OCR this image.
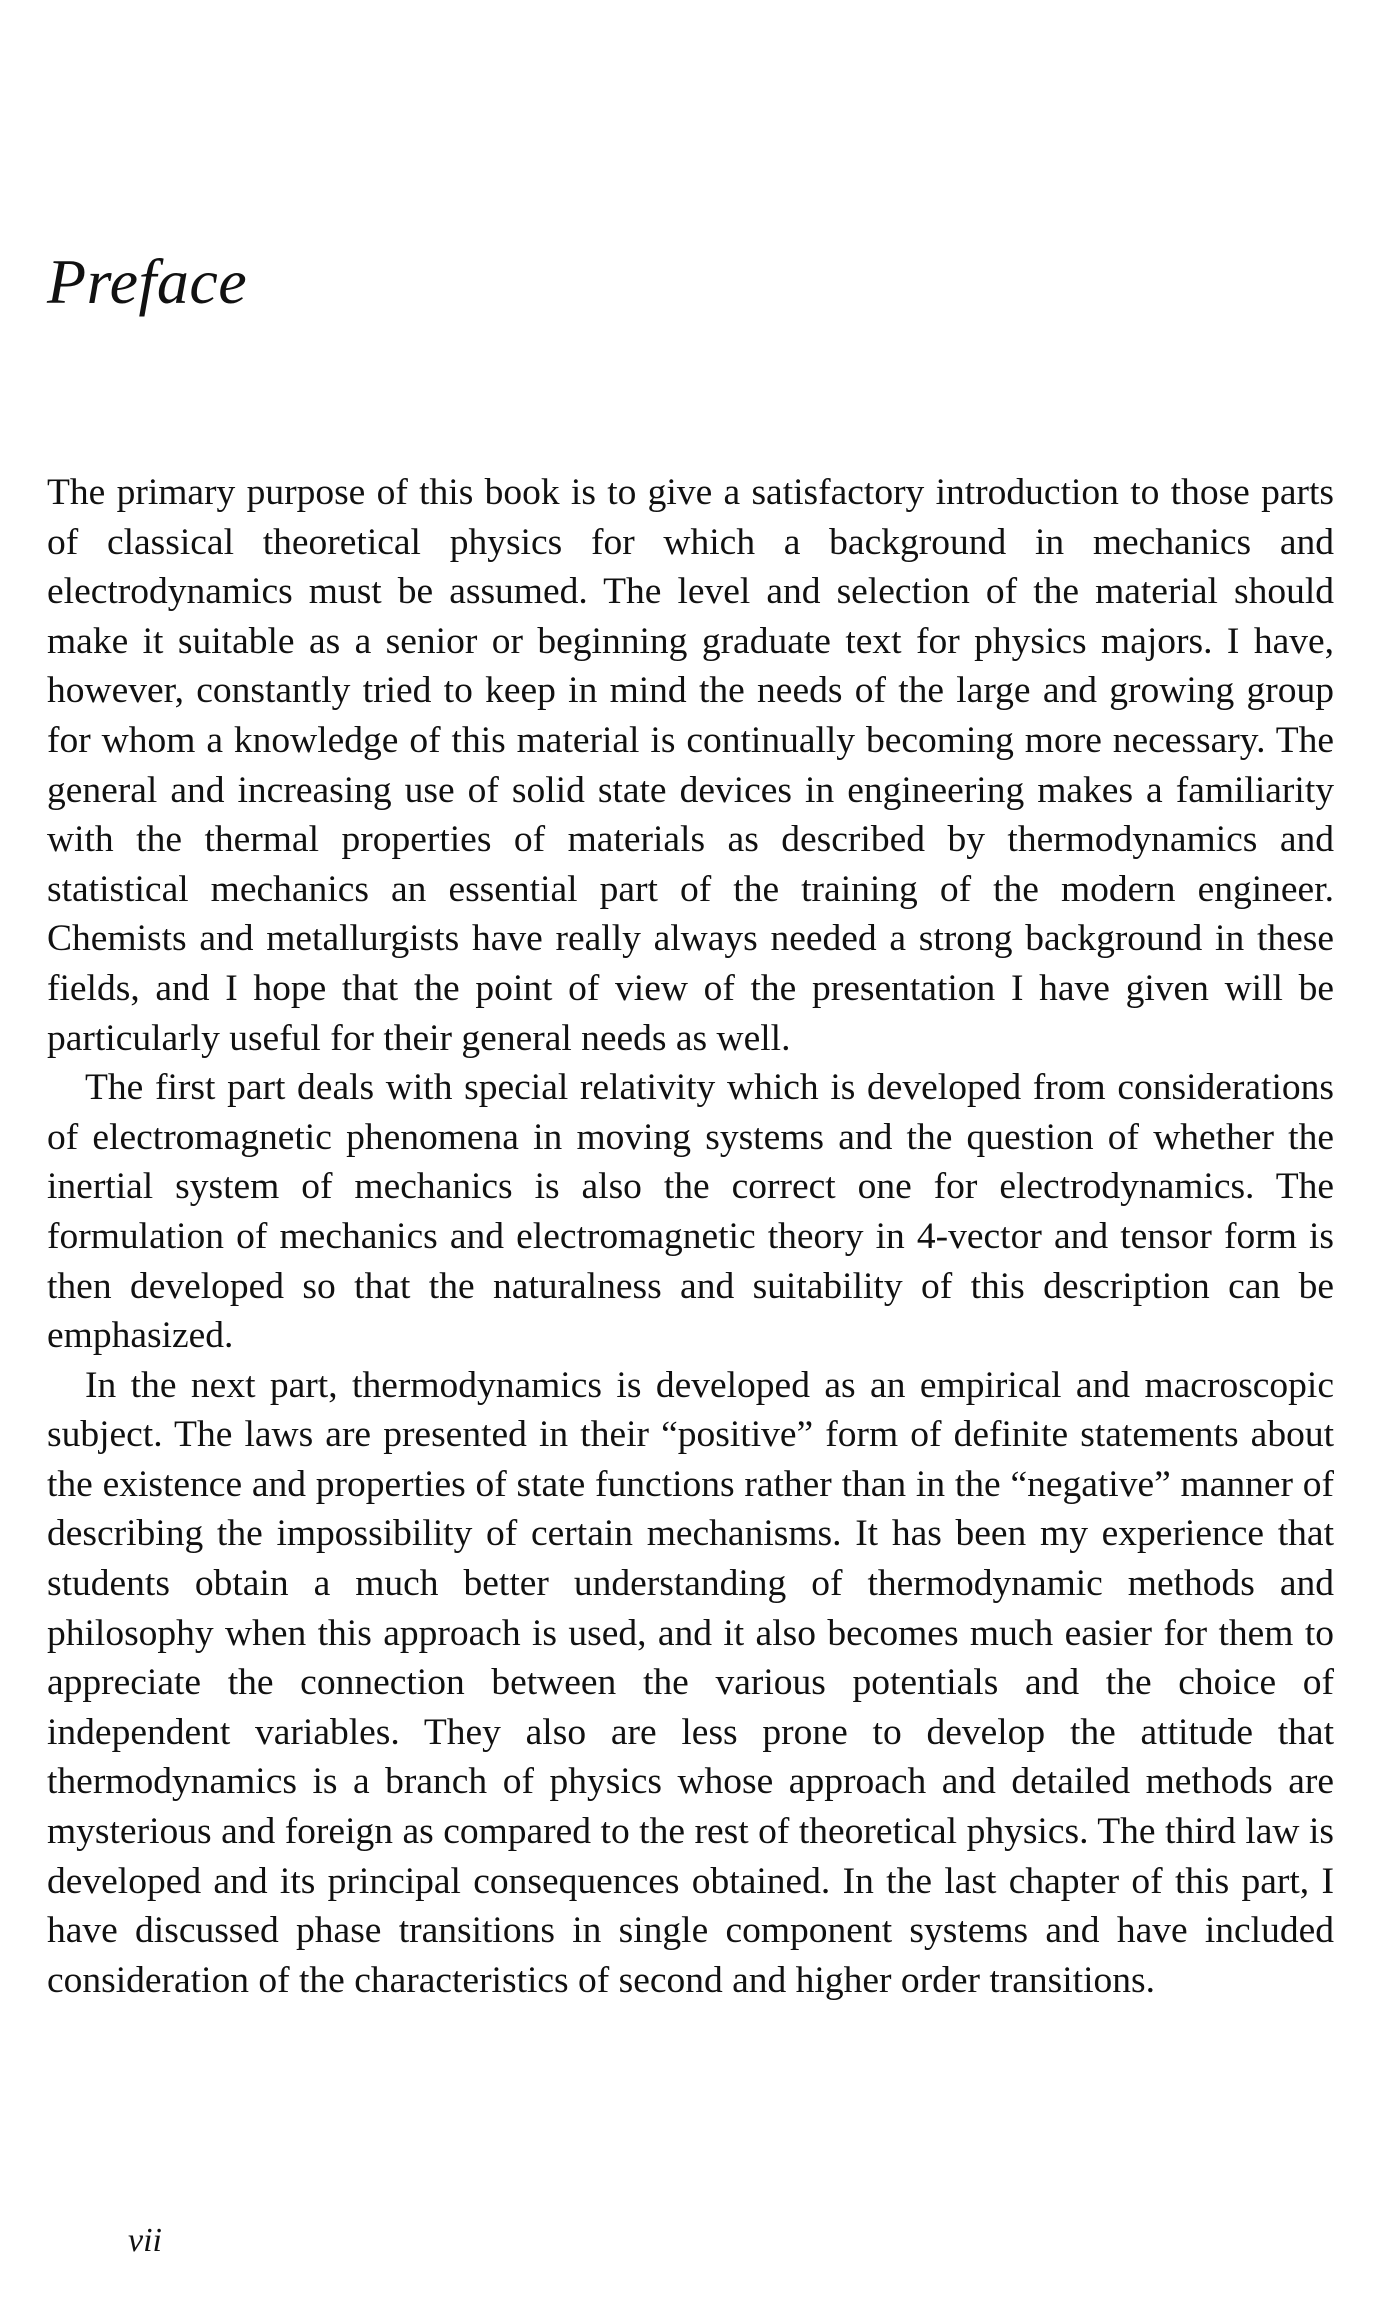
Preface

The primary purpose of this book is to give a satisfactory introduction to those parts of classical theoretical physics for which a background in mechanics and electrodynamics must be assumed. The level and selection of the material should make it suitable as a senior or beginning graduate text for physics majors. I have, however, constantly tried to keep in mind the needs of the large and growing group for whom a knowledge of this material is continually becoming more necessary. The general and increasing use of solid state devices in engineering makes a familiarity with the thermal properties of materials as described by thermodynamics and statistical mechanics an essential part of the training of the modern engineer. Chemists and metallurgists have really always needed a strong background in these fields, and I hope that the point of view of the presentation I have given will be particularly useful for their general needs as well.

The first part deals with special relativity which is developed from considerations of electromagnetic phenomena in moving systems and the question of whether the inertial system of mechanics is also the correct one for electrodynamics. The formulation of mechanics and electromagnetic theory in 4-vector and tensor form is then developed so that the naturalness and suitability of this description can be emphasized.

In the next part, thermodynamics is developed as an empirical and macroscopic subject. The laws are presented in their “positive” form of definite statements about the existence and properties of state functions rather than in the “negative” manner of describing the impossibility of certain mechanisms. It has been my experience that students obtain a much better understanding of thermodynamic methods and philosophy when this approach is used, and it also becomes much easier for them to appreciate the connection between the various potentials and the choice of independent variables. They also are less prone to develop the attitude that thermodynamics is a branch of physics whose approach and detailed methods are mysterious and foreign as compared to the rest of theoretical physics. The third law is developed and its principal consequences obtained. In the last chapter of this part, I have discussed phase transitions in single component systems and have included consideration of the characteristics of second and higher order transitions.

vii
